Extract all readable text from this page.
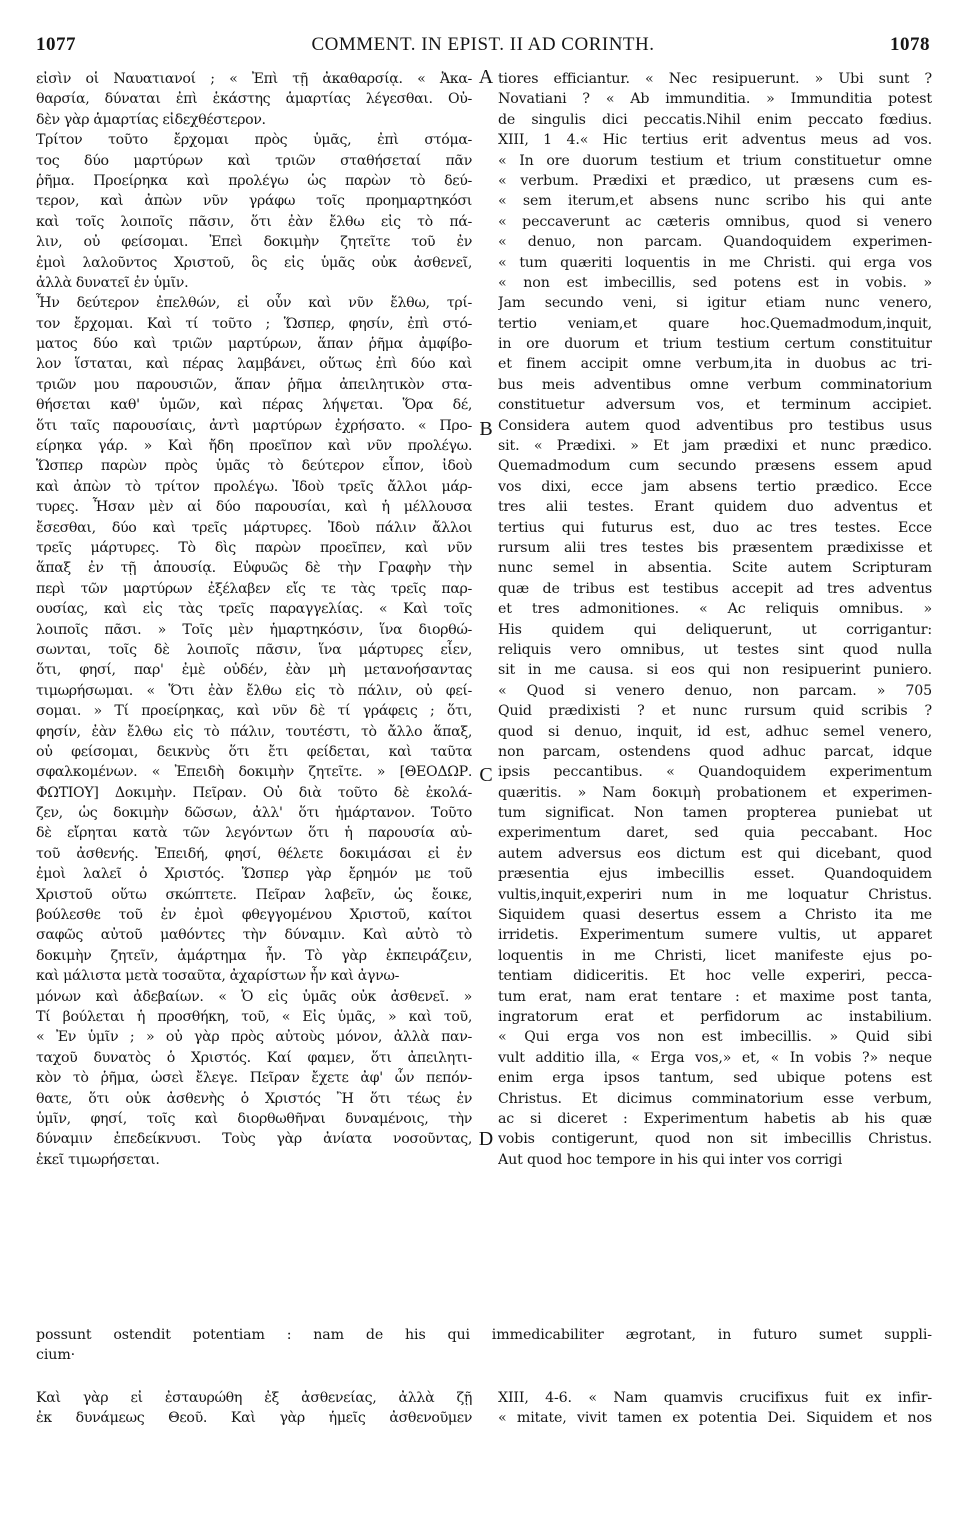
COMMENT. IN EPIST. II AD CORINTH.
1077	1078
A
B
C
D
εἰσὶν οἱ Ναυατιανοί ; « Ἐπὶ τῇ ἀκαθαρσίᾳ. « Ἀκα-
θαρσία, δύναται ἐπὶ ἑκάστης ἁμαρτίας λέγεσθαι. Οὐ-
δὲν γὰρ ἁμαρτίας εἰδεχθέστερον.
Τρίτον τοῦτο ἔρχομαι πρὸς ὑμᾶς, ἐπὶ στόμα-
τος δύο μαρτύρων καὶ τριῶν σταθήσεταί πᾶν
ῥῆμα. Προείρηκα καὶ προλέγω ὡς παρὼν τὸ δεύ-
τερον, καὶ ἀπὼν νῦν γράφω τοῖς προημαρτηκόσι
καὶ τοῖς λοιποῖς πᾶσιν, ὅτι ἐὰν ἔλθω εἰς τὸ πά-
λιν, οὐ φείσομαι. Ἐπεὶ δοκιμὴν ζητεῖτε τοῦ ἐν
ἐμοὶ λαλοῦντος Χριστοῦ, ὃς εἰς ὑμᾶς οὐκ ἀσθενεῖ,
ἀλλὰ δυνατεῖ ἐν ὑμῖν.
Ἦν δεύτερον ἐπελθών, εἰ οὖν καὶ νῦν ἔλθω, τρί-
τον ἔρχομαι. Καὶ τί τοῦτο ; Ὥσπερ, φησίν, ἐπὶ στό-
ματος δύο καὶ τριῶν μαρτύρων, ἅπαν ῥῆμα ἀμφίβο-
λον ἵσταται, καὶ πέρας λαμβάνει, οὕτως ἐπὶ δύο καὶ
τριῶν μου παρουσιῶν, ἅπαν ῥῆμα ἀπειλητικὸν στα-
θήσεται καθ' ὑμῶν, καὶ πέρας λήψεται. Ὅρα δέ,
ὅτι ταῖς παρουσίαις, ἀντὶ μαρτύρων ἐχρήσατο. « Προ-
είρηκα γάρ. » Καὶ ἤδη προεῖπον καὶ νῦν προλέγω.
Ὥσπερ παρὼν πρὸς ὑμᾶς τὸ δεύτερον εἶπον, ἰδοὺ
καὶ ἀπὼν τὸ τρίτον προλέγω. Ἰδοὺ τρεῖς ἄλλοι μάρ-
τυρες. Ἦσαν μὲν αἱ δύο παρουσίαι, καὶ ἡ μέλλουσα
ἔσεσθαι, δύο καὶ τρεῖς μάρτυρες. Ἰδοὺ πάλιν ἄλλοι
τρεῖς μάρτυρες. Τὸ δὶς παρὼν προεῖπεν, καὶ νῦν
ἅπαξ ἐν τῇ ἀπουσίᾳ. Εὐφυῶς δὲ τὴν Γραφὴν τὴν
περὶ τῶν μαρτύρων ἐξέλαβεν εἴς τε τὰς τρεῖς παρ-
ουσίας, καὶ εἰς τὰς τρεῖς παραγγελίας. « Καὶ τοῖς
λοιποῖς πᾶσι. » Τοῖς μὲν ἡμαρτηκόσιν, ἵνα διορθώ-
σωνται, τοῖς δὲ λοιποῖς πᾶσιν, ἵνα μάρτυρες εἶεν,
ὅτι, φησί, παρ' ἐμὲ οὐδέν, ἐὰν μὴ μετανοήσαντας
τιμωρήσωμαι. « Ὅτι ἐὰν ἔλθω εἰς τὸ πάλιν, οὐ φεί-
σομαι. » Τί προείρηκας, καὶ νῦν δὲ τί γράφεις ; ὅτι,
φησίν, ἐὰν ἔλθω εἰς τὸ πάλιν, τουτέστι, τὸ ἄλλο ἅπαξ,
οὐ φείσομαι, δεικνὺς ὅτι ἔτι φείδεται, καὶ ταῦτα
σφαλκομένων. « Ἐπειδὴ δοκιμὴν ζητεῖτε. » [ΘΕΟΔΩΡ.
ΦΩΤΙΟΥ] Δοκιμὴν. Πεῖραν. Οὐ διὰ τοῦτο δὲ ἐκολά-
ζεν, ὡς δοκιμὴν δῶσων, ἀλλ' ὅτι ἡμάρτανον. Τοῦτο
δὲ εἴρηται κατὰ τῶν λεγόντων ὅτι ἡ παρουσία αὐ-
τοῦ ἀσθενής. Ἐπειδή, φησί, θέλετε δοκιμάσαι εἰ ἐν
ἐμοὶ λαλεῖ ὁ Χριστός. Ὥσπερ γὰρ ἔρημόν με τοῦ
Χριστοῦ οὕτω σκώπτετε. Πεῖραν λαβεῖν, ὡς ἔοικε,
βούλεσθε τοῦ ἐν ἐμοὶ φθεγγομένου Χριστοῦ, καίτοι
σαφῶς αὐτοῦ μαθόντες τὴν δύναμιν. Καὶ αὐτὸ τὸ
δοκιμὴν ζητεῖν, ἁμάρτημα ἦν. Τὸ γὰρ ἐκπειράζειν,
καὶ μάλιστα μετὰ τοσαῦτα, ἀχαρίστων ἦν καὶ ἀγνω-
μόνων καὶ ἀδεβαίων. « Ὁ εἰς ὑμᾶς οὐκ ἀσθενεῖ. »
Τί βούλεται ἡ προσθήκη, τοῦ, « Εἰς ὑμᾶς, » καὶ τοῦ,
« Ἐν ὑμῖν ; » οὐ γὰρ πρὸς αὐτοὺς μόνον, ἀλλὰ παν-
ταχοῦ δυνατὸς ὁ Χριστός. Καί φαμεν, ὅτι ἀπειλητι-
κὸν τὸ ῥῆμα, ὡσεὶ ἔλεγε. Πεῖραν ἔχετε ἀφ' ὧν πεπόν-
θατε, ὅτι οὐκ ἀσθενὴς ὁ Χριστός Ἢ ὅτι τέως ἐν
ὑμῖν, φησί, τοῖς καὶ διορθωθῆναι δυναμένοις, τὴν
δύναμιν ἐπεδείκνυσι. Τοὺς γὰρ ἀνίατα νοσοῦντας,
ἐκεῖ τιμωρήσεται.
tiores efficiantur. « Nec resipuerunt. » Ubi sunt ?
Novatiani ? « Ab immunditia. » Immunditia potest
de singulis dici peccatis.Nihil enim peccato fœdius.
XIII, 1 4.« Hic tertius erit adventus meus ad vos.
« In ore duorum testium et trium constituetur omne
« verbum. Prædixi et prædico, ut præsens cum es-
« sem iterum,et absens nunc scribo his qui ante
« peccaverunt ac cæteris omnibus, quod si venero
« denuo, non parcam. Quandoquidem experimen-
« tum quæriti loquentis in me Christi. qui erga vos
« non est imbecillis, sed potens est in vobis. »
Jam secundo veni, si igitur etiam nunc venero,
tertio veniam,et quare hoc.Quemadmodum,inquit,
in ore duorum et trium testium certum constituitur
et finem accipit omne verbum,ita in duobus ac tri-
bus meis adventibus omne verbum comminatorium
constituetur adversum vos, et terminum accipiet.
Considera autem quod adventibus pro testibus usus
sit. « Prædixi. » Et jam prædixi et nunc prædico.
Quemadmodum cum secundo præsens essem apud
vos dixi, ecce jam absens tertio prædico. Ecce
tres alii testes. Erant quidem duo adventus et
tertius qui futurus est, duo ac tres testes. Ecce
rursum alii tres testes bis præsentem prædixisse et
nunc semel in absentia. Scite autem Scripturam
quæ de tribus est testibus accepit ad tres adventus
et tres admonitiones. « Ac reliquis omnibus. »
His quidem qui deliquerunt, ut corrigantur:
reliquis vero omnibus, ut testes sint quod nulla
sit in me causa. si eos qui non resipuerint puniero.
« Quod si venero denuo, non parcam. » 705
Quid prædixisti ? et nunc rursum quid scribis ?
quod si denuo, inquit, id est, adhuc semel venero,
non parcam, ostendens quod adhuc parcat, idque
ipsis peccantibus. « Quandoquidem experimentum
quæritis. » Nam δοκιμὴ probationem et experimen-
tum significat. Non tamen propterea puniebat ut
experimentum daret, sed quia peccabant. Hoc
autem adversus eos dictum est qui dicebant, quod
præsentia ejus imbecillis esset. Quandoquidem
vultis,inquit,experiri num in me loquatur Christus.
Siquidem quasi desertus essem a Christo ita me
irridetis. Experimentum sumere vultis, ut apparet
loquentis in me Christi, licet manifeste ejus po-
tentiam didiceritis. Et hoc velle experiri, pecca-
tum erat, nam erat tentare : et maxime post tanta,
ingratorum erat et perfidorum ac instabilium.
« Qui erga vos non est imbecillis. » Quid sibi
vult additio illa, « Erga vos,» et, « In vobis ?» neque
enim erga ipsos tantum, sed ubique potens est
Christus. Et dicimus comminatorium esse verbum,
ac si diceret : Experimentum habetis ab his quæ
vobis contigerunt, quod non sit imbecillis Christus.
Aut quod hoc tempore in his qui inter vos corrigi
possunt ostendit potentiam : nam de his qui immedicabiliter ægrotant, in futuro sumet suppli-
cium·
Καὶ γὰρ εἰ ἐσταυρώθη ἐξ ἀσθενείας, ἀλλὰ ζῇ
ἐκ δυνάμεως Θεοῦ. Καὶ γὰρ ἡμεῖς ἀσθενοῦμεν
XIII, 4-6. « Nam quamvis crucifixus fuit ex infir-
« mitate, vivit tamen ex potentia Dei. Siquidem et nos
